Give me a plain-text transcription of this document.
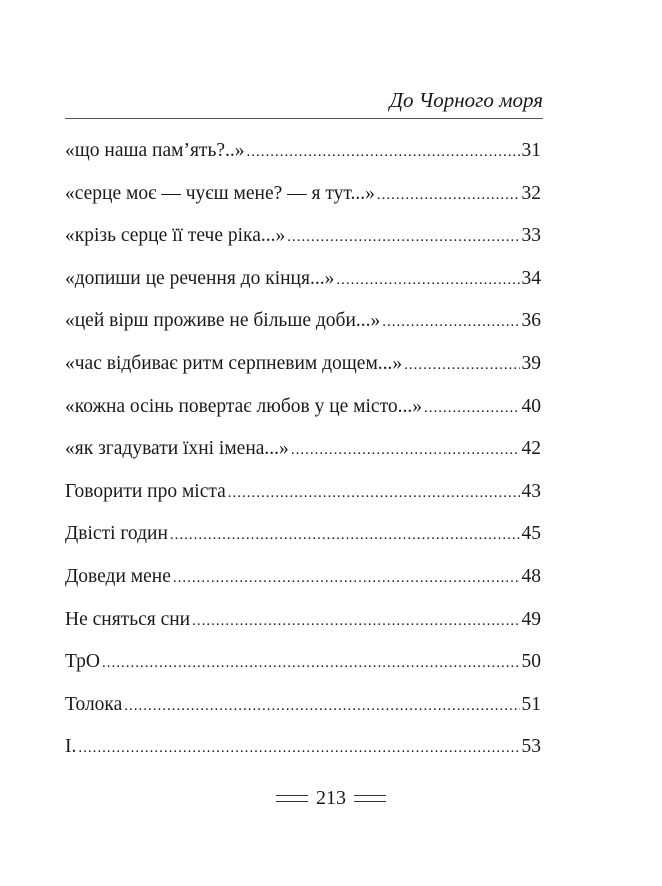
До Чорного моря
«що наша пам’ять?..» .....	31
«серце моє — чуєш мене? — я тут...» .....	32
«крізь серце її тече ріка...» .....	33
«допиши це речення до кінця...» .....	34
«цей вірш проживе не більше доби...» .....	36
«час відбиває ритм серпневим дощем...» .....	39
«кожна осінь повертає любов у це місто...» .....	40
«як згадувати їхні імена...» .....	42
Говорити про міста .....	43
Двісті годин .....	45
Доведи мене .....	48
Не сняться сни .....	49
ТрО .....	50
Толока .....	51
І. .....	53
213
